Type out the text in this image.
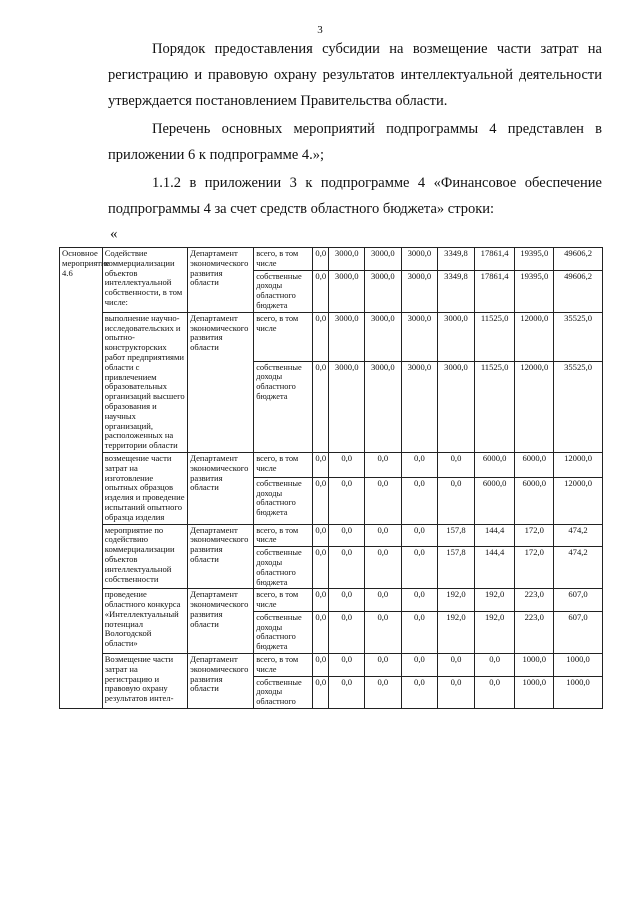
3

Порядок предоставления субсидии на возмещение части затрат на регистрацию и правовую охрану результатов интеллектуальной деятельности утверждается постановлением Правительства области.

Перечень основных мероприятий подпрограммы 4 представлен в приложении 6 к подпрограмме 4.»;

1.1.2 в приложении 3 к подпрограмме 4 «Финансовое обеспечение подпрограммы 4 за счет средств областного бюджета» строки:

«
Основное мероприятие 4.6	Содействие коммерциализации объектов интеллектуальной собственности, в том числе:	Департамент экономического развития области	всего, в том числе	0,0	3000,0	3000,0	3000,0	3349,8	17861,4	19395,0	49606,2
			собственные доходы областного бюджета	0,0	3000,0	3000,0	3000,0	3349,8	17861,4	19395,0	49606,2
	выполнение научно-исследовательских и опытно-конструкторских работ предприятиями области с привлечением образовательных организаций высшего образования и научных организаций, расположенных на территории области	Департамент экономического развития области	всего, в том числе	0,0	3000,0	3000,0	3000,0	3000,0	11525,0	12000,0	35525,0
			собственные доходы областного бюджета	0,0	3000,0	3000,0	3000,0	3000,0	11525,0	12000,0	35525,0
	возмещение части затрат на изготовление опытных образцов изделия и проведение испытаний опытного образца изделия	Департамент экономического развития области	всего, в том числе	0,0	0,0	0,0	0,0	0,0	6000,0	6000,0	12000,0
			собственные доходы областного бюджета	0,0	0,0	0,0	0,0	0,0	6000,0	6000,0	12000,0
	мероприятие по содействию коммерциализации объектов интеллектуальной собственности	Департамент экономического развития области	всего, в том числе	0,0	0,0	0,0	0,0	157,8	144,4	172,0	474,2
			собственные доходы областного бюджета	0,0	0,0	0,0	0,0	157,8	144,4	172,0	474,2
	проведение областного конкурса «Интеллектуальный потенциал Вологодской области»	Департамент экономического развития области	всего, в том числе	0,0	0,0	0,0	0,0	192,0	192,0	223,0	607,0
			собственные доходы областного бюджета	0,0	0,0	0,0	0,0	192,0	192,0	223,0	607,0
	Возмещение части затрат на регистрацию и правовую охрану результатов интел-	Департамент экономического развития области	всего, в том числе	0,0	0,0	0,0	0,0	0,0	0,0	1000,0	1000,0
			собственные доходы областного	0,0	0,0	0,0	0,0	0,0	0,0	1000,0	1000,0
